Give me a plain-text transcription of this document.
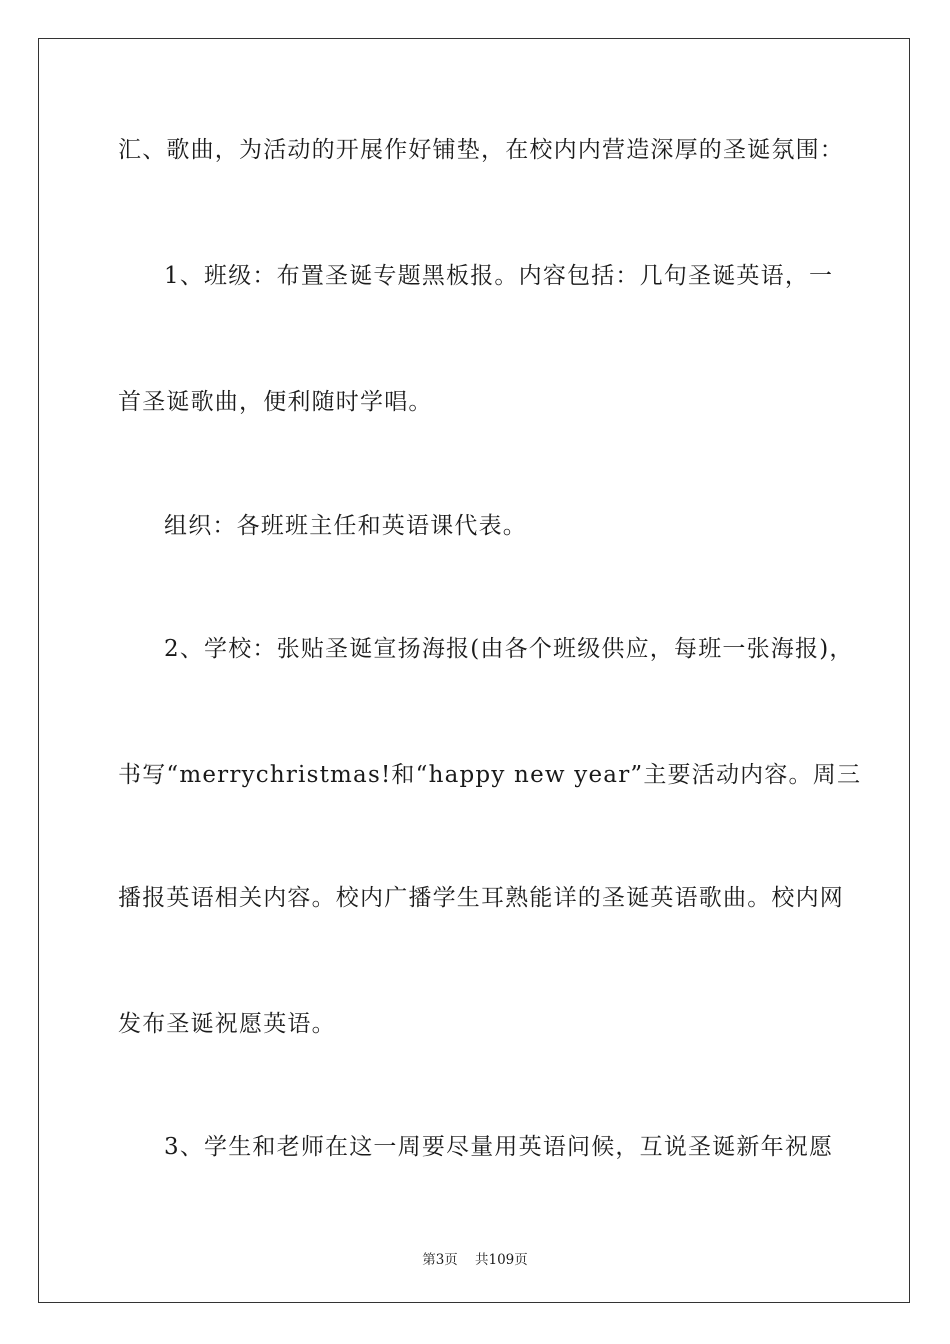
汇、歌曲，为活动的开展作好铺垫，在校内内营造深厚的圣诞氛围：
1、班级：布置圣诞专题黑板报。内容包括：几句圣诞英语，一
首圣诞歌曲，便利随时学唱。
组织：各班班主任和英语课代表。
2、学校：张贴圣诞宣扬海报(由各个班级供应，每班一张海报)，
书写“merrychristmas!和“happy new year”主要活动内容。周三
播报英语相关内容。校内广播学生耳熟能详的圣诞英语歌曲。校内网
发布圣诞祝愿英语。
3、学生和老师在这一周要尽量用英语问候，互说圣诞新年祝愿
第3页 共109页
